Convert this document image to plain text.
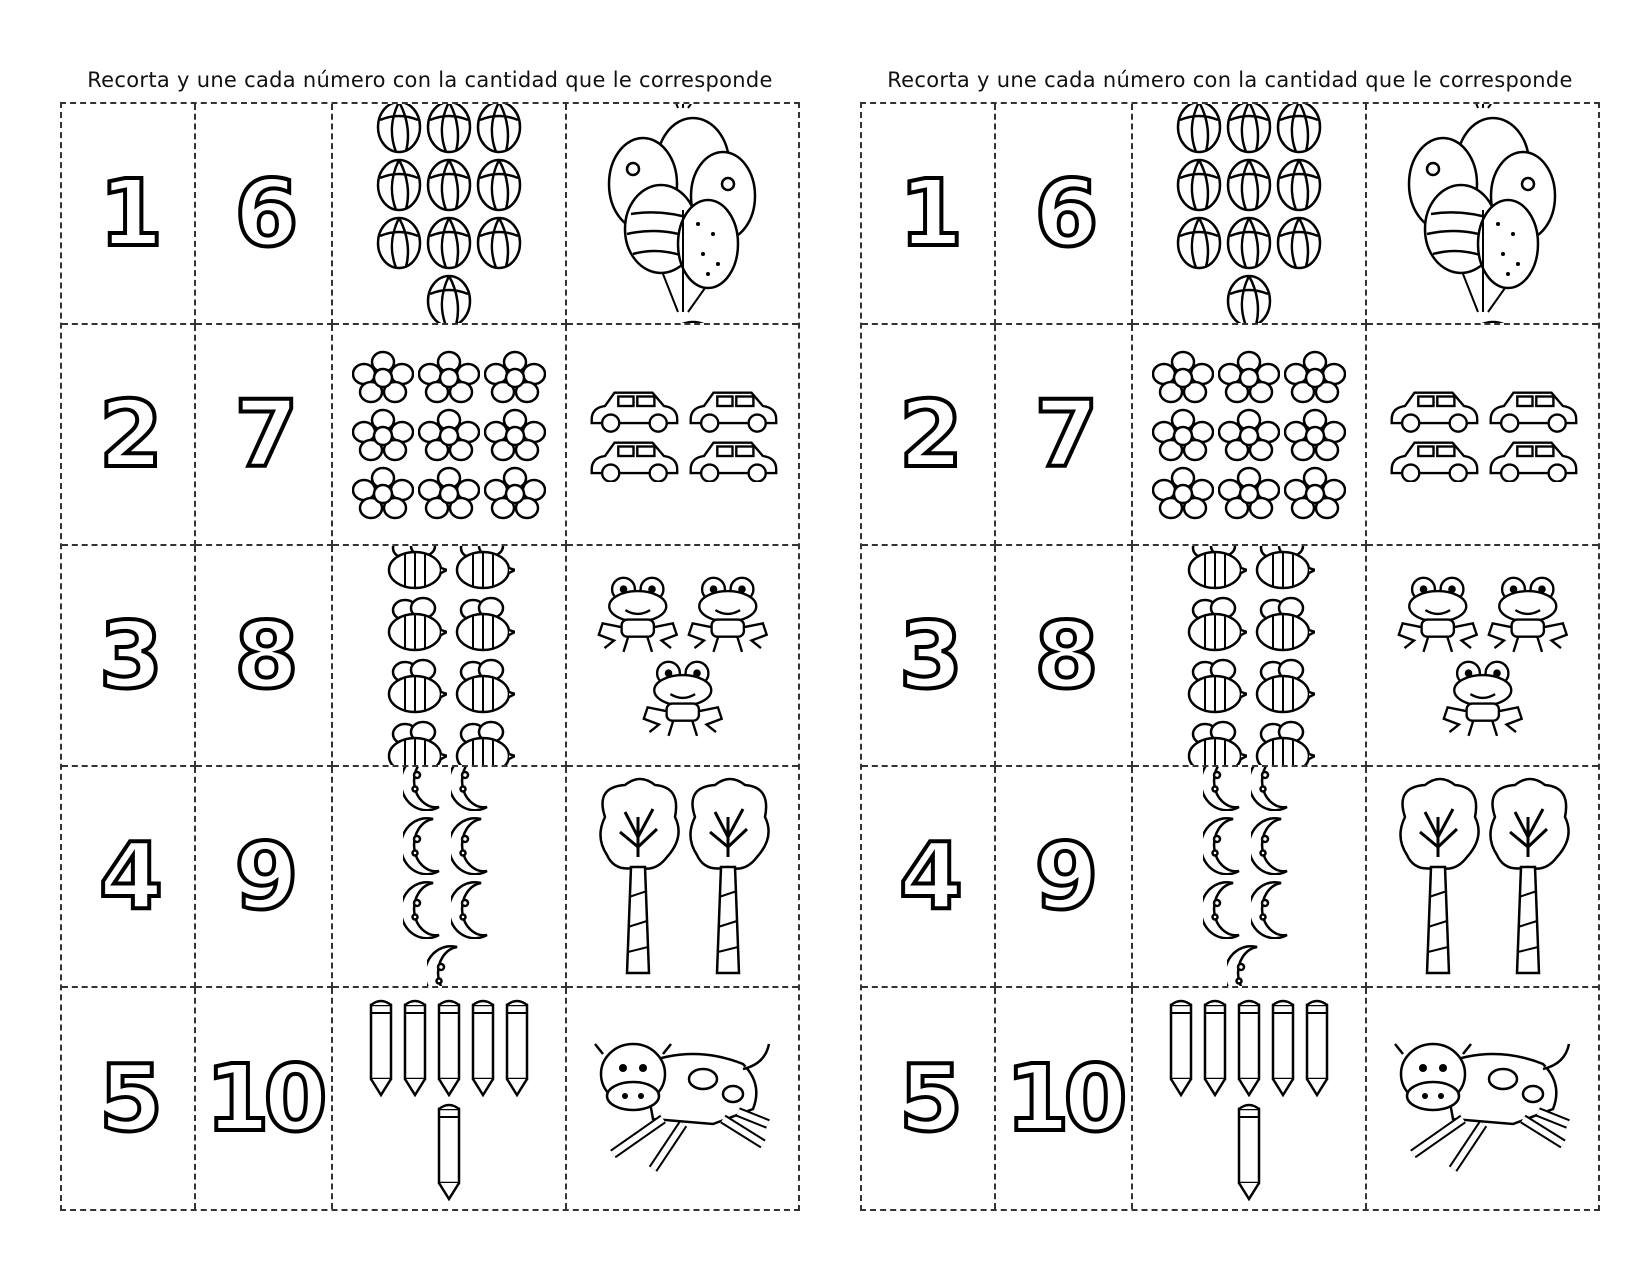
Recorta y une cada número con la cantidad que le corresponde
1 6
2 7
3 8
4 9
5 10
Recorta y une cada número con la cantidad que le corresponde
1 6
2 7
3 8
4 9
5 10
